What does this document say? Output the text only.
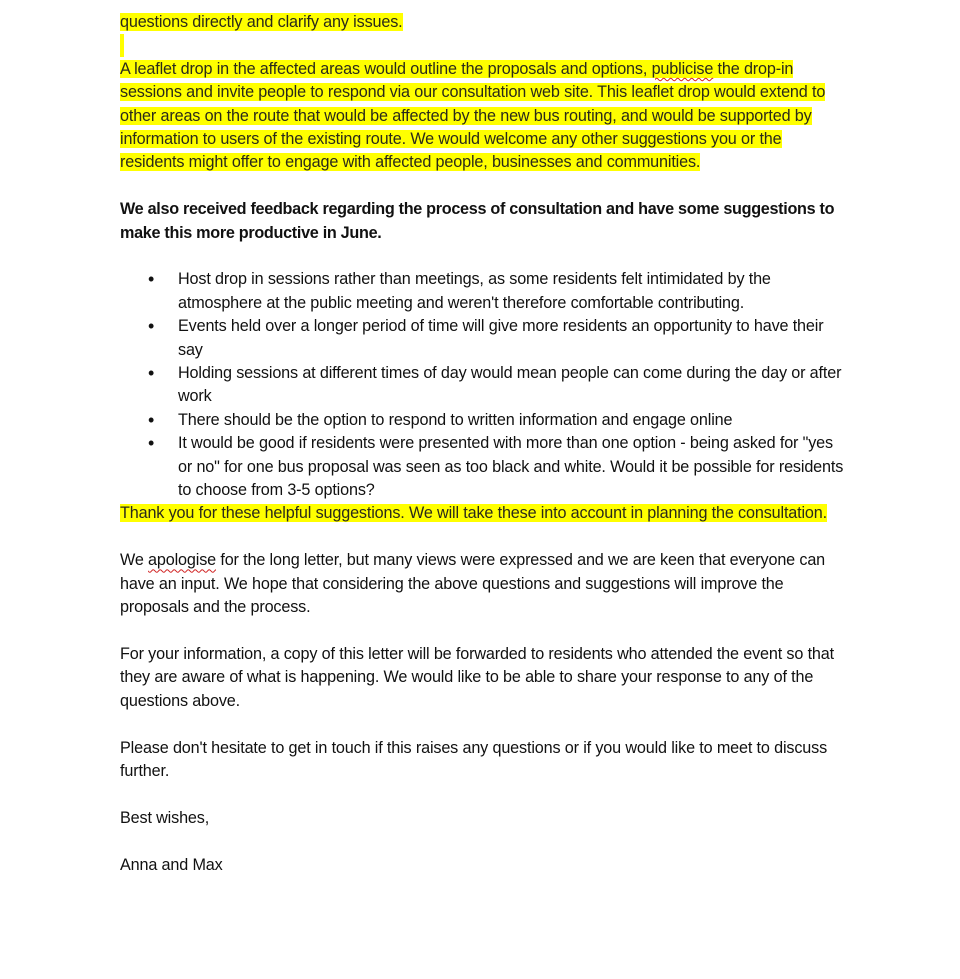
questions directly and clarify any issues.

A leaflet drop in the affected areas would outline the proposals and options, publicise the drop-in sessions and invite people to respond via our consultation web site. This leaflet drop would extend to other areas on the route that would be affected by the new bus routing, and would be supported by information to users of the existing route. We would welcome any other suggestions you or the residents might offer to engage with affected people, businesses and communities.

We also received feedback regarding the process of consultation and have some suggestions to make this more productive in June.

• Host drop in sessions rather than meetings, as some residents felt intimidated by the atmosphere at the public meeting and weren't therefore comfortable contributing.
• Events held over a longer period of time will give more residents an opportunity to have their say
• Holding sessions at different times of day would mean people can come during the day or after work
• There should be the option to respond to written information and engage online
• It would be good if residents were presented with more than one option - being asked for "yes or no" for one bus proposal was seen as too black and white. Would it be possible for residents to choose from 3-5 options?

Thank you for these helpful suggestions. We will take these into account in planning the consultation.

We apologise for the long letter, but many views were expressed and we are keen that everyone can have an input. We hope that considering the above questions and suggestions will improve the proposals and the process.

For your information, a copy of this letter will be forwarded to residents who attended the event so that they are aware of what is happening. We would like to be able to share your response to any of the questions above.

Please don't hesitate to get in touch if this raises any questions or if you would like to meet to discuss further.

Best wishes,

Anna and Max
